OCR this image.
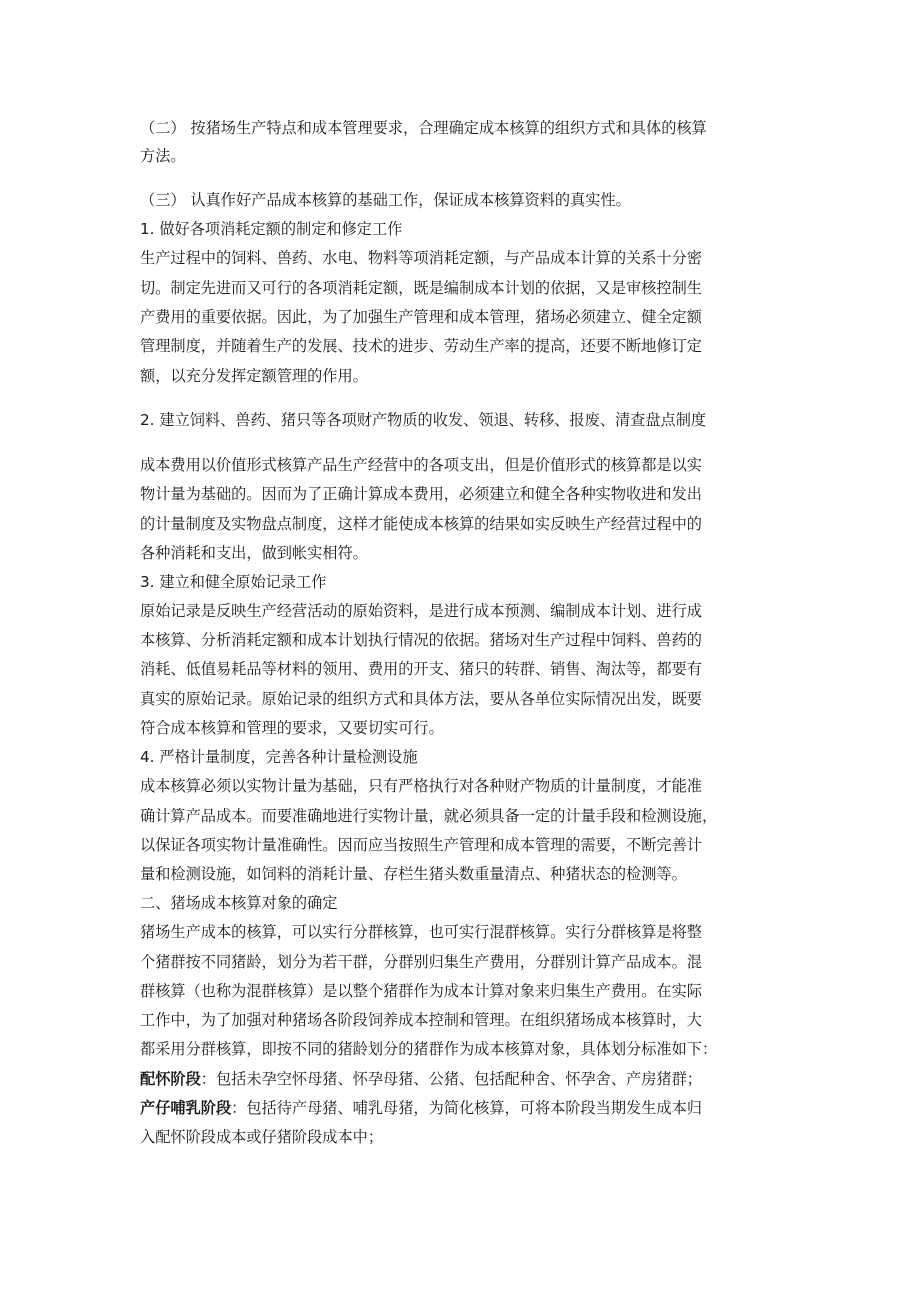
（二） 按猪场生产特点和成本管理要求，合理确定成本核算的组织方式和具体的核算
方法。
（三） 认真作好产品成本核算的基础工作，保证成本核算资料的真实性。
1. 做好各项消耗定额的制定和修定工作
生产过程中的饲料、兽药、水电、物料等项消耗定额，与产品成本计算的关系十分密
切。制定先进而又可行的各项消耗定额，既是编制成本计划的依据，又是审核控制生
产费用的重要依据。因此，为了加强生产管理和成本管理，猪场必须建立、健全定额
管理制度，并随着生产的发展、技术的进步、劳动生产率的提高，还要不断地修订定
额，以充分发挥定额管理的作用。
2. 建立饲料、兽药、猪只等各项财产物质的收发、领退、转移、报废、清查盘点制度
成本费用以价值形式核算产品生产经营中的各项支出，但是价值形式的核算都是以实
物计量为基础的。因而为了正确计算成本费用，必须建立和健全各种实物收进和发出
的计量制度及实物盘点制度，这样才能使成本核算的结果如实反映生产经营过程中的
各种消耗和支出，做到帐实相符。
3. 建立和健全原始记录工作
原始记录是反映生产经营活动的原始资料，是进行成本预测、编制成本计划、进行成
本核算、分析消耗定额和成本计划执行情况的依据。猪场对生产过程中饲料、兽药的
消耗、低值易耗品等材料的领用、费用的开支、猪只的转群、销售、淘汰等，都要有
真实的原始记录。原始记录的组织方式和具体方法，要从各单位实际情况出发，既要
符合成本核算和管理的要求，又要切实可行。
4. 严格计量制度，完善各种计量检测设施
成本核算必须以实物计量为基础，只有严格执行对各种财产物质的计量制度，才能准
确计算产品成本。而要准确地进行实物计量，就必须具备一定的计量手段和检测设施，
以保证各项实物计量准确性。因而应当按照生产管理和成本管理的需要，不断完善计
量和检测设施，如饲料的消耗计量、存栏生猪头数重量清点、种猪状态的检测等。
二、猪场成本核算对象的确定
猪场生产成本的核算，可以实行分群核算，也可实行混群核算。实行分群核算是将整
个猪群按不同猪龄，划分为若干群，分群别归集生产费用，分群别计算产品成本。混
群核算（也称为混群核算）是以整个猪群作为成本计算对象来归集生产费用。在实际
工作中，为了加强对种猪场各阶段饲养成本控制和管理。在组织猪场成本核算时，大
都采用分群核算，即按不同的猪龄划分的猪群作为成本核算对象，具体划分标准如下：
配怀阶段：包括未孕空怀母猪、怀孕母猪、公猪、包括配种舍、怀孕舍、产房猪群；
产仔哺乳阶段：包括待产母猪、哺乳母猪，为简化核算，可将本阶段当期发生成本归
入配怀阶段成本或仔猪阶段成本中；
